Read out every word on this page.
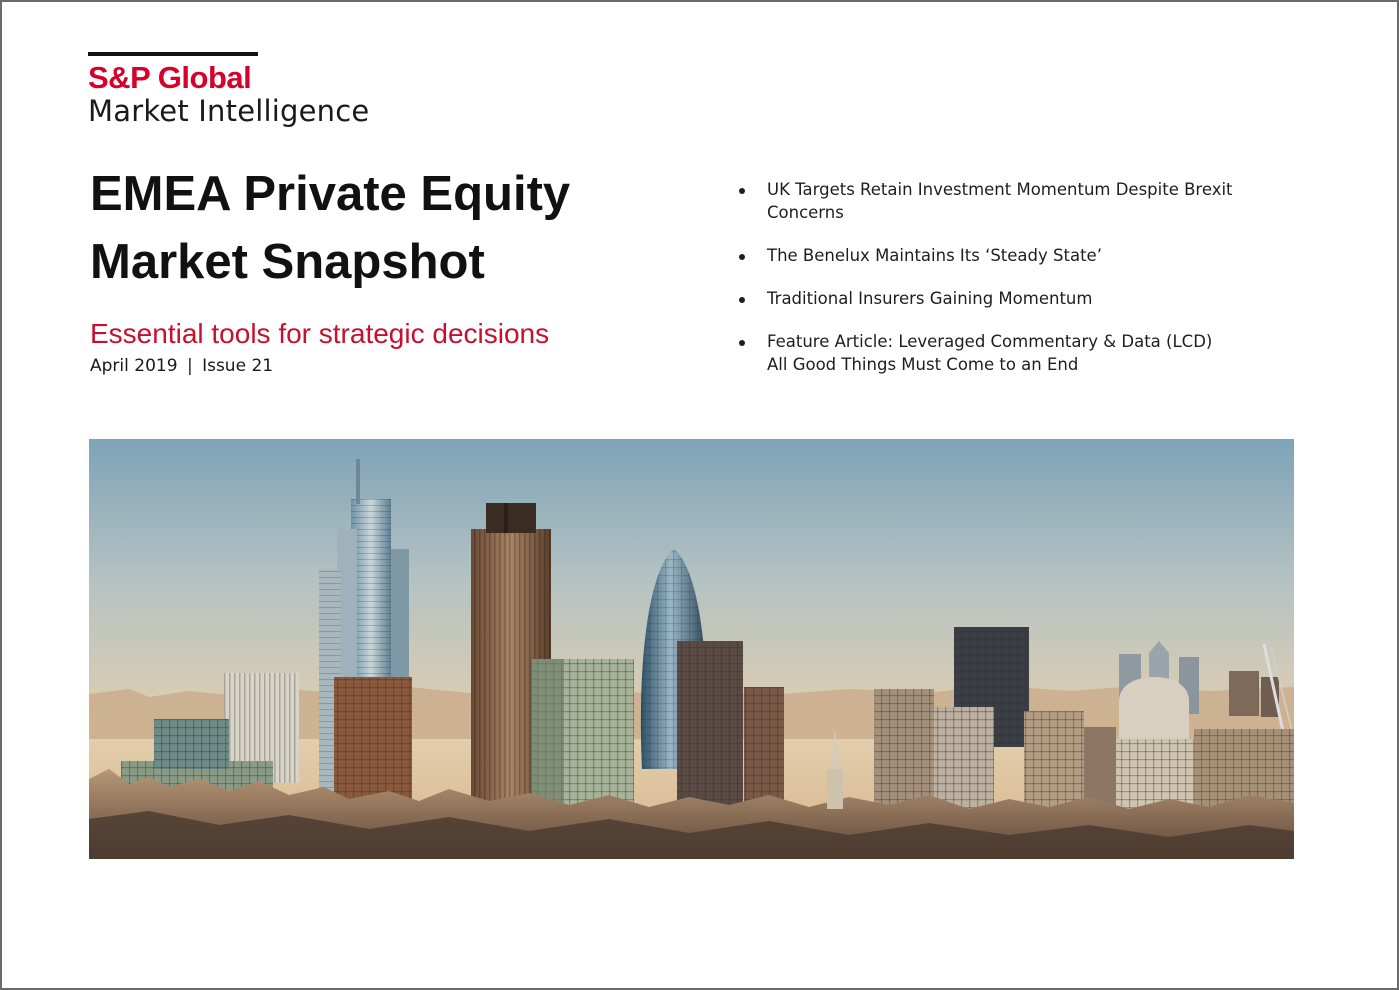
S&P Global
Market Intelligence
EMEA Private Equity
Market Snapshot
Essential tools for strategic decisions
April 2019 | Issue 21
UK Targets Retain Investment Momentum Despite Brexit
Concerns
The Benelux Maintains Its ‘Steady State’
Traditional Insurers Gaining Momentum
Feature Article: Leveraged Commentary & Data (LCD)
All Good Things Must Come to an End
